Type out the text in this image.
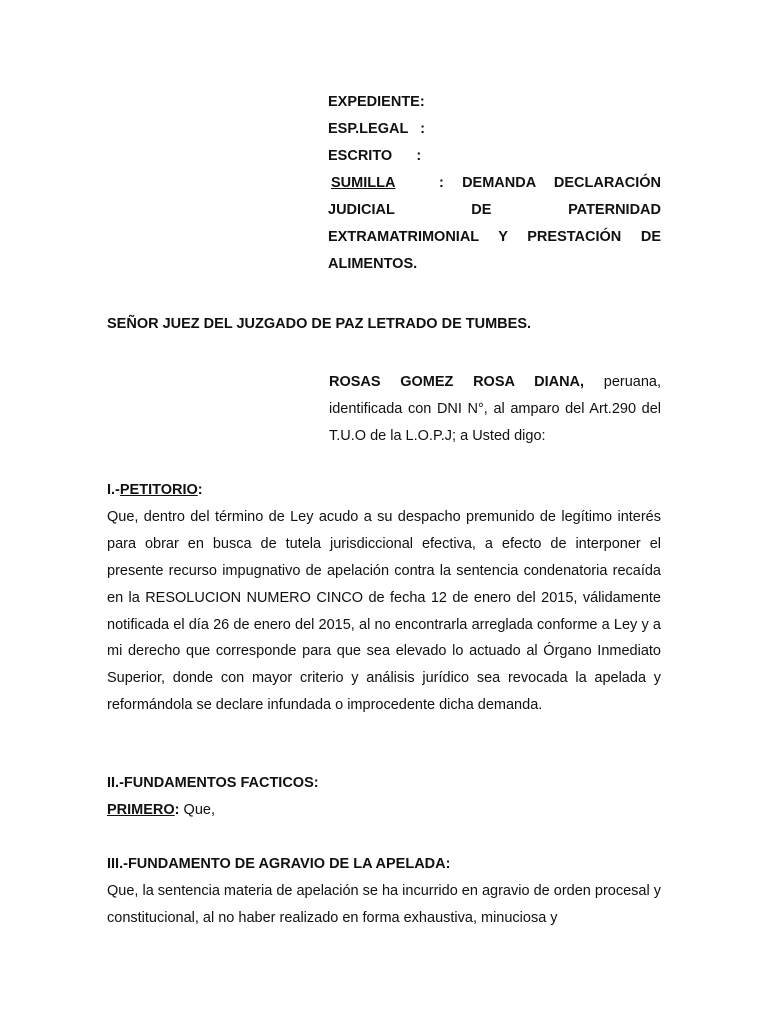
EXPEDIENTE:
ESP.LEGAL   :
ESCRITO      :
SUMILLA	: DEMANDA DECLARACIÓN JUDICIAL DE PATERNIDAD EXTRAMATRIMONIAL Y PRESTACIÓN DE ALIMENTOS.
SEÑOR JUEZ DEL JUZGADO DE PAZ LETRADO DE TUMBES.
ROSAS GOMEZ ROSA DIANA, peruana, identificada con DNI N°, al amparo del Art.290 del T.U.O de la L.O.P.J; a Usted digo:
I.-PETITORIO:
Que, dentro del término de Ley acudo a su despacho premunido de legítimo interés para obrar en busca de tutela jurisdiccional efectiva, a efecto de interponer el presente recurso impugnativo de apelación contra la sentencia condenatoria recaída en la RESOLUCION NUMERO CINCO de fecha 12 de enero del 2015, válidamente notificada el día 26 de enero del 2015, al no encontrarla arreglada conforme a Ley y a mi derecho que corresponde para que sea elevado lo actuado al Órgano Inmediato Superior, donde con mayor criterio y análisis jurídico sea revocada la apelada y reformándola se declare infundada o improcedente dicha demanda.
II.-FUNDAMENTOS FACTICOS:
PRIMERO: Que,
III.-FUNDAMENTO DE AGRAVIO DE LA APELADA:
Que, la sentencia materia de apelación se ha incurrido en agravio de orden procesal y constitucional, al no haber realizado en forma exhaustiva, minuciosa y
